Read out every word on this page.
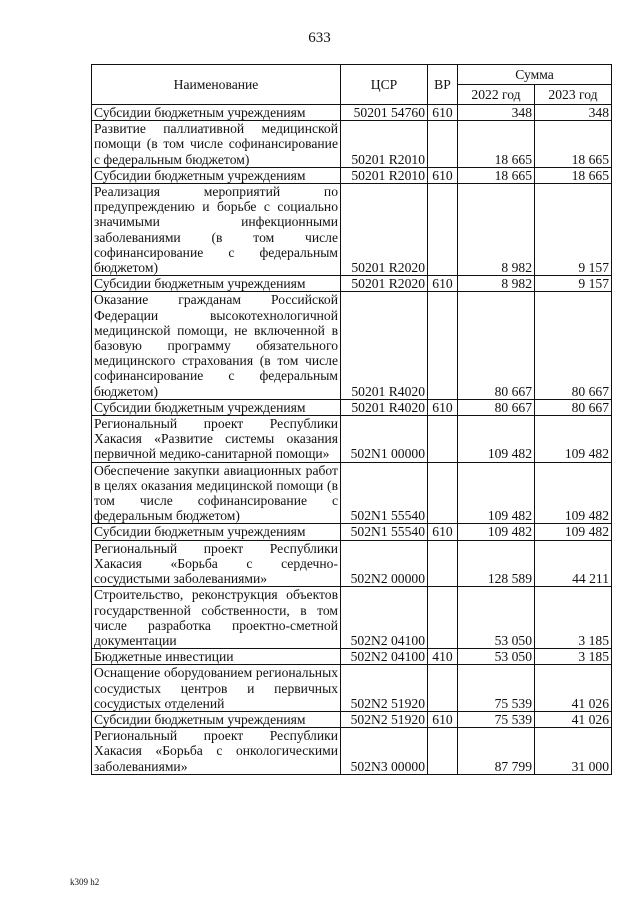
633
Наименование	ЦСР	ВР	Сумма	
			2022 год	2023 год
Субсидии бюджетным учреждениям	50201 54760	610	348	348
Развитие паллиативной медицинской помощи (в том числе софинансирование с федеральным бюджетом)	50201 R2010		18 665	18 665
Субсидии бюджетным учреждениям	50201 R2010	610	18 665	18 665
Реализация мероприятий по предупреждению и борьбе с социально значимыми инфекционными заболеваниями (в том числе софинансирование с федеральным бюджетом)	50201 R2020		8 982	9 157
Субсидии бюджетным учреждениям	50201 R2020	610	8 982	9 157
Оказание гражданам Российской Федерации высокотехнологичной медицинской помощи, не включенной в базовую программу обязательного медицинского страхования (в том числе софинансирование с федеральным бюджетом)	50201 R4020		80 667	80 667
Субсидии бюджетным учреждениям	50201 R4020	610	80 667	80 667
Региональный проект Республики Хакасия «Развитие системы оказания первичной медико-санитарной помощи»	502N1 00000		109 482	109 482
Обеспечение закупки авиационных работ в целях оказания медицинской помощи (в том числе софинансирование с федеральным бюджетом)	502N1 55540		109 482	109 482
Субсидии бюджетным учреждениям	502N1 55540	610	109 482	109 482
Региональный проект Республики Хакасия «Борьба с сердечно-сосудистыми заболеваниями»	502N2 00000		128 589	44 211
Строительство, реконструкция объектов государственной собственности, в том числе разработка проектно-сметной документации	502N2 04100		53 050	3 185
Бюджетные инвестиции	502N2 04100	410	53 050	3 185
Оснащение оборудованием региональных сосудистых центров и первичных сосудистых отделений	502N2 51920		75 539	41 026
Субсидии бюджетным учреждениям	502N2 51920	610	75 539	41 026
Региональный проект Республики Хакасия «Борьба с онкологическими заболеваниями»	502N3 00000		87 799	31 000
k309 h2
